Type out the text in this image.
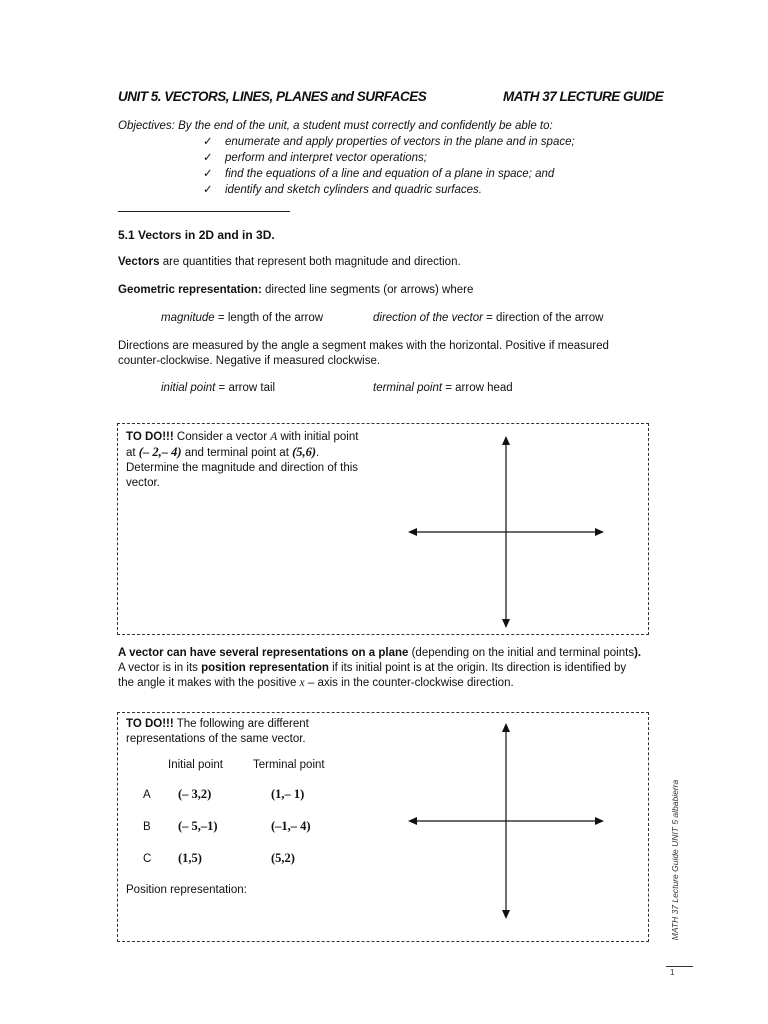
UNIT 5. VECTORS, LINES, PLANES and SURFACES	MATH 37 LECTURE GUIDE
Objectives: By the end of the unit, a student must correctly and confidently be able to:
✓ enumerate and apply properties of vectors in the plane and in space;
✓ perform and interpret vector operations;
✓ find the equations of a line and equation of a plane in space; and
✓ identify and sketch cylinders and quadric surfaces.
5.1 Vectors in 2D and in 3D.
Vectors are quantities that represent both magnitude and direction.
Geometric representation: directed line segments (or arrows) where
magnitude = length of the arrow	direction of the vector = direction of the arrow
Directions are measured by the angle a segment makes with the horizontal. Positive if measured counter-clockwise. Negative if measured clockwise.
initial point = arrow tail	terminal point = arrow head
TO DO!!! Consider a vector A with initial point
at (– 2,– 4) and terminal point at (5,6).
Determine the magnitude and direction of this vector.
A vector can have several representations on a plane (depending on the initial and terminal points). A vector is in its position representation if its initial point is at the origin. Its direction is identified by the angle it makes with the positive x – axis in the counter-clockwise direction.
TO DO!!! The following are different representations of the same vector.
Initial point	Terminal point
A (– 3,2)	(1,– 1)
B (– 5,–1)	(–1,– 4)
C (1,5)	(5,2)
Position representation:	MATH 37 Lecture Guide UNIT 5 albabierra
1
